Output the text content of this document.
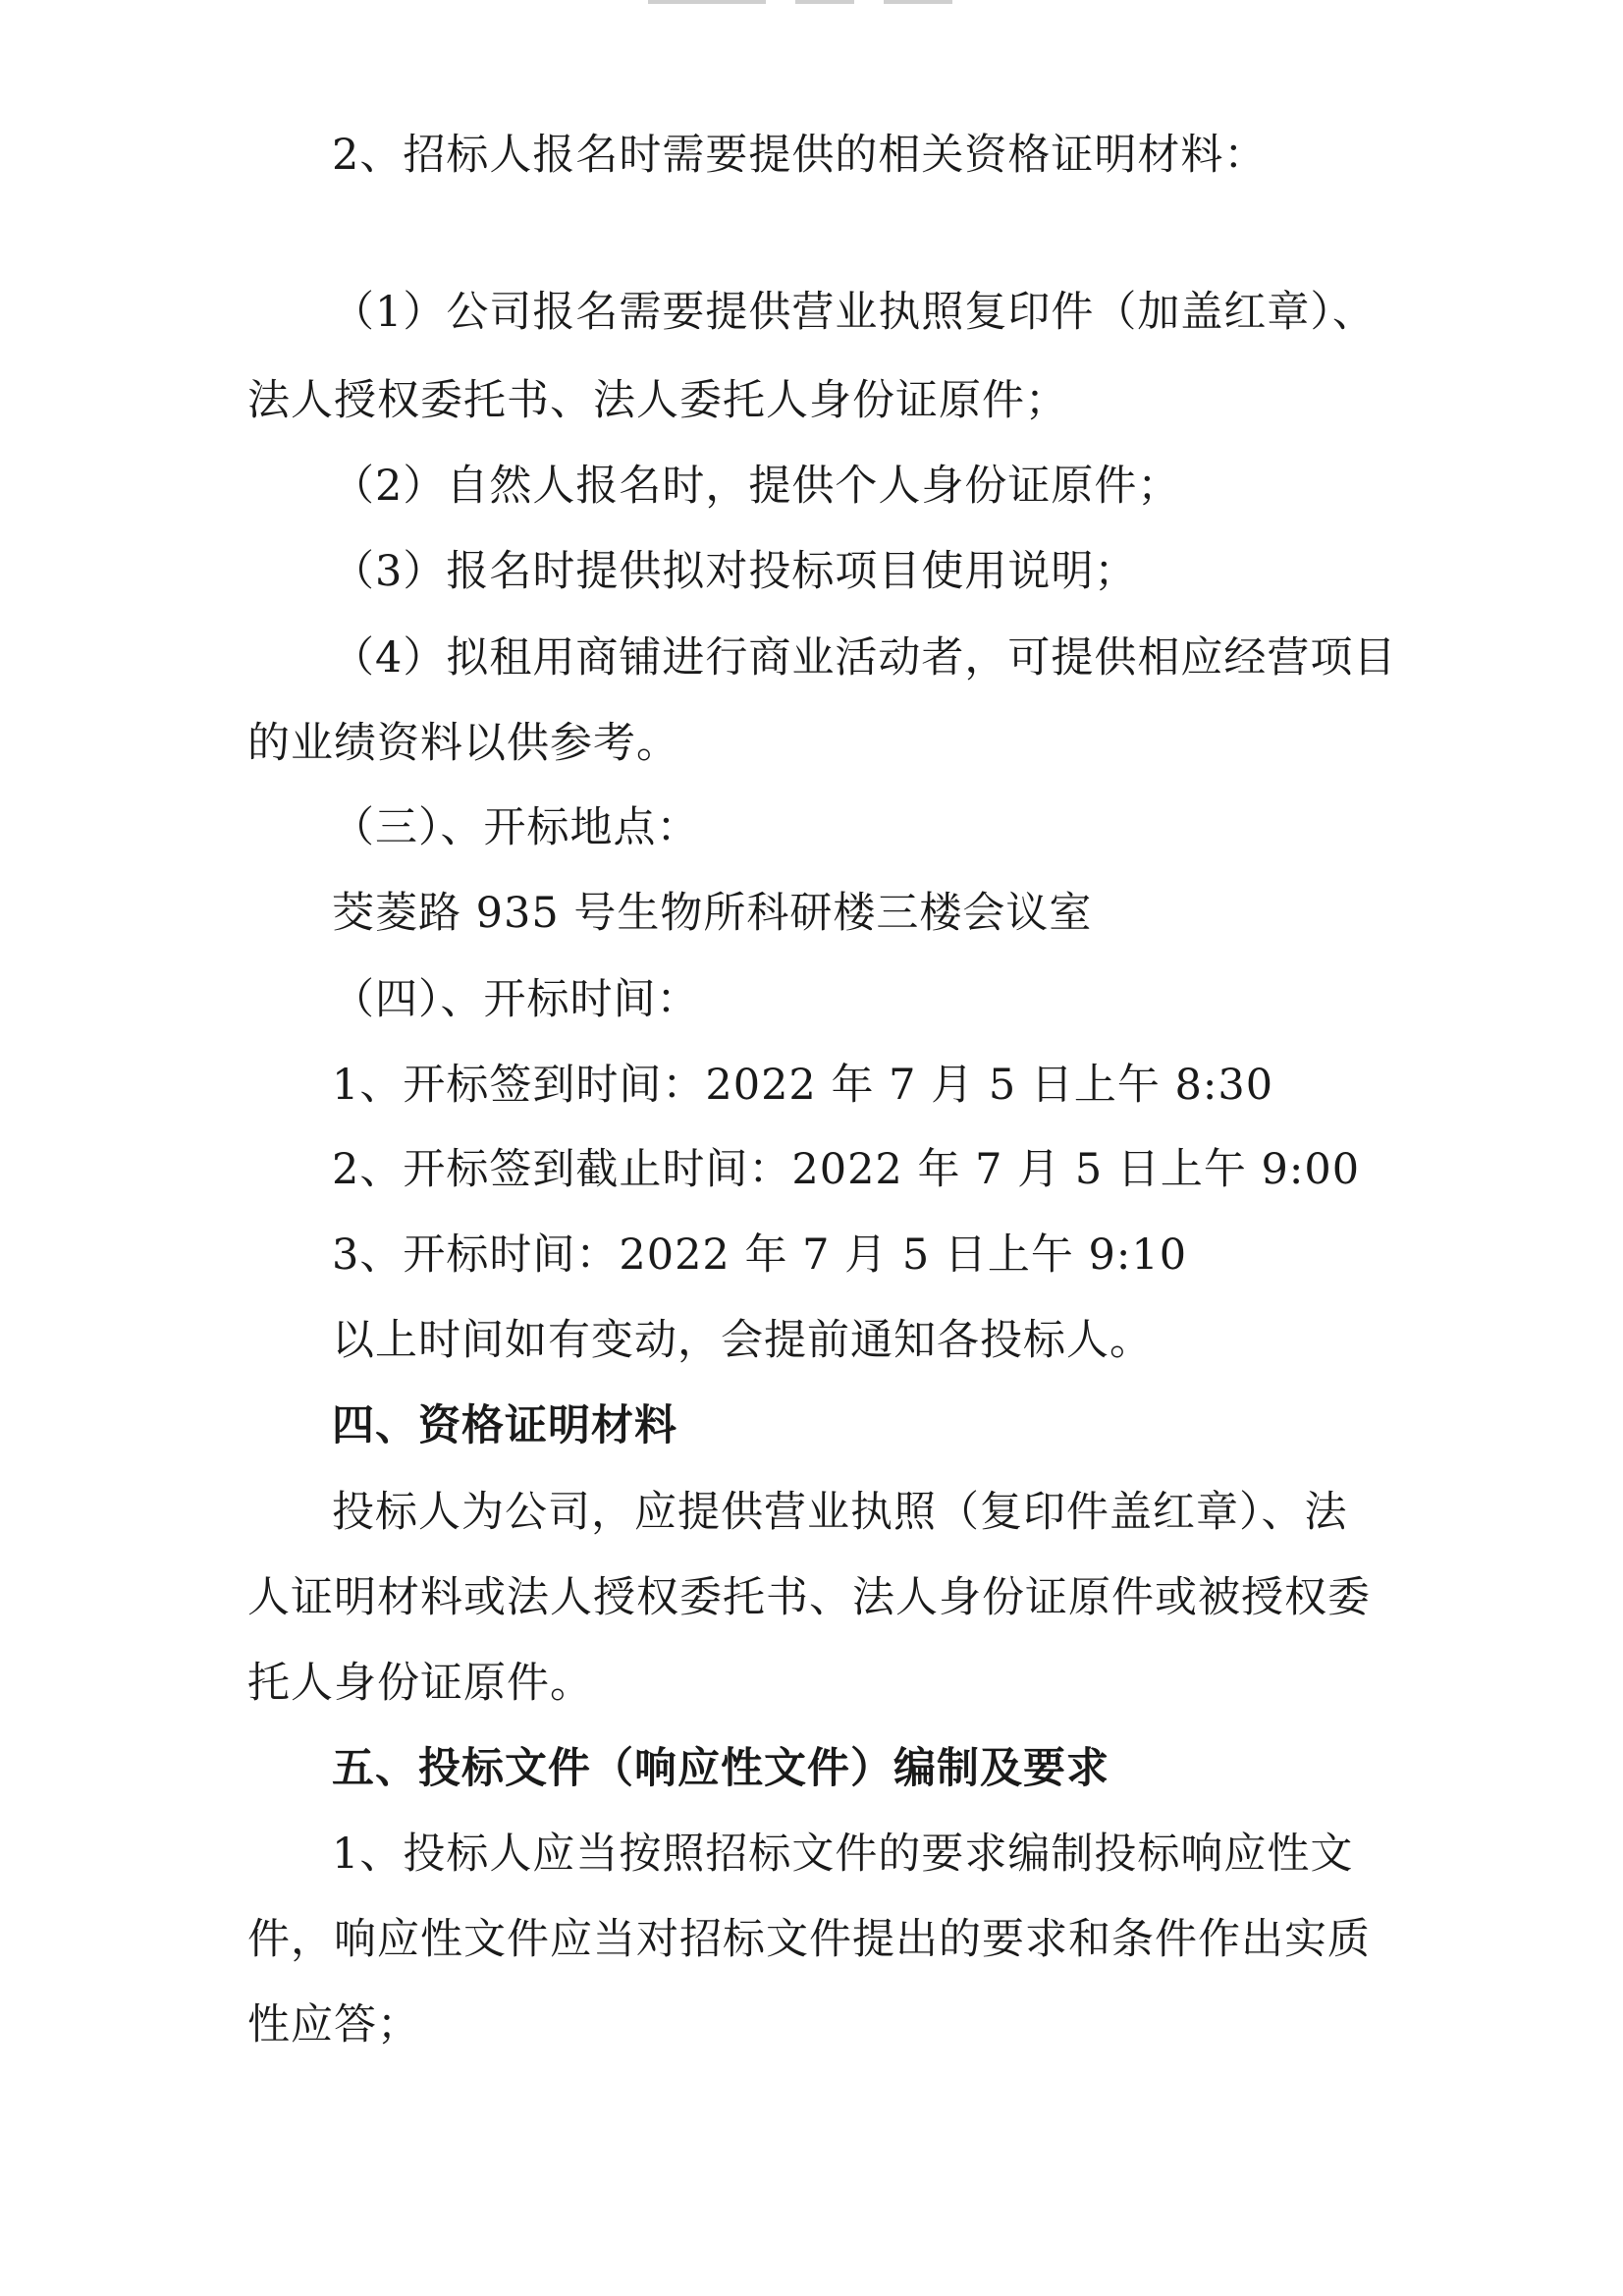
2、招标人报名时需要提供的相关资格证明材料：
（1）公司报名需要提供营业执照复印件（加盖红章）、
法人授权委托书、法人委托人身份证原件；
（2）自然人报名时，提供个人身份证原件；
（3）报名时提供拟对投标项目使用说明；
（4）拟租用商铺进行商业活动者，可提供相应经营项目
的业绩资料以供参考。
（三）、开标地点：
茭菱路 935 号生物所科研楼三楼会议室
（四）、开标时间：
1、开标签到时间：2022 年 7 月 5 日上午 8:30
2、开标签到截止时间：2022 年 7 月 5 日上午 9:00
3、开标时间：2022 年 7 月 5 日上午 9:10
以上时间如有变动，会提前通知各投标人。
四、资格证明材料
投标人为公司，应提供营业执照（复印件盖红章）、法
人证明材料或法人授权委托书、法人身份证原件或被授权委
托人身份证原件。
五、投标文件（响应性文件）编制及要求
1、投标人应当按照招标文件的要求编制投标响应性文
件，响应性文件应当对招标文件提出的要求和条件作出实质
性应答；
